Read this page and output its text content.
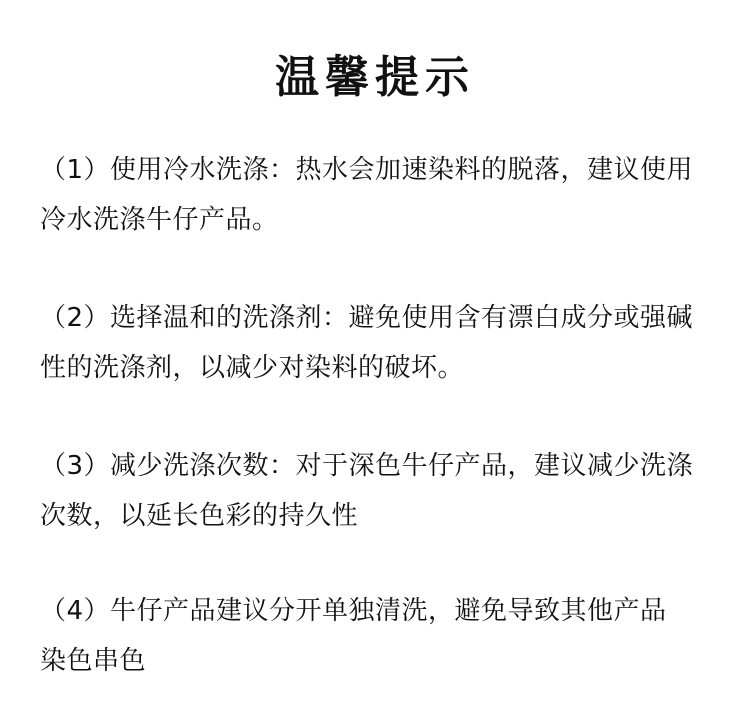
温馨提示
（1）使用冷水洗涤：热水会加速染料的脱落，建议使用
冷水洗涤牛仔产品。
（2）选择温和的洗涤剂：避免使用含有漂白成分或强碱
性的洗涤剂，以减少对染料的破坏。
（3）减少洗涤次数：对于深色牛仔产品，建议减少洗涤
次数，以延长色彩的持久性
（4）牛仔产品建议分开单独清洗，避免导致其他产品
染色串色
